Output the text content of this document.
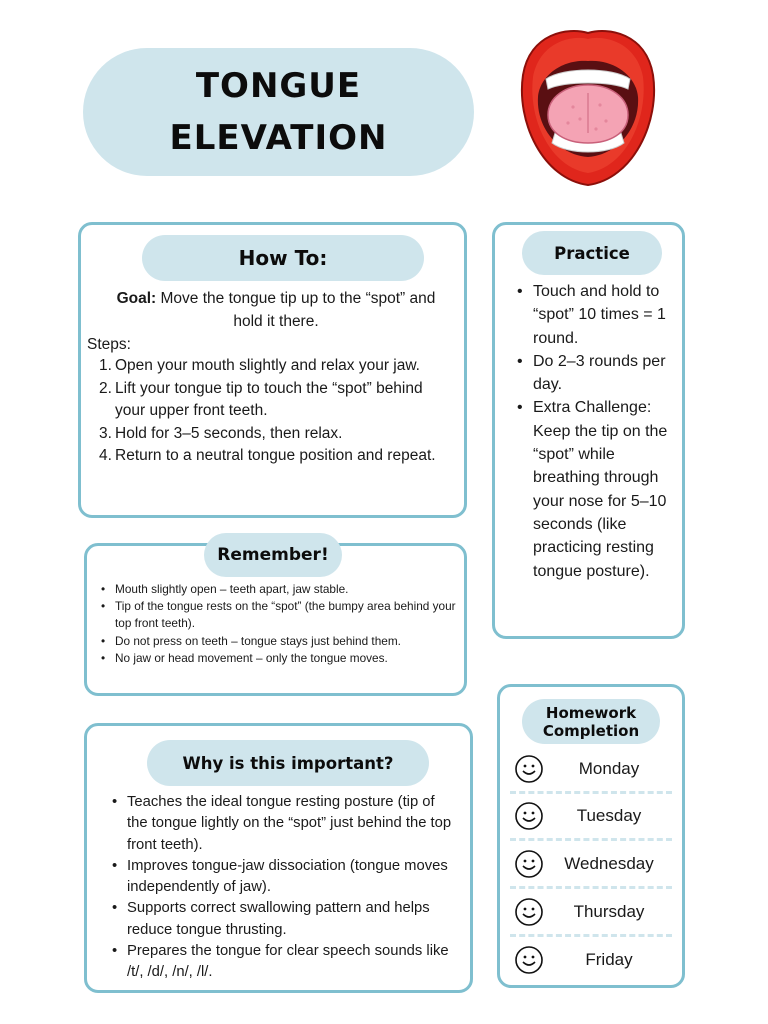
TONGUE
ELEVATION
How To:

Goal: Move the tongue tip up to the “spot” and hold it there.

Steps:
1. Open your mouth slightly and relax your jaw.
2. Lift your tongue tip to touch the “spot” behind your upper front teeth.
3. Hold for 3–5 seconds, then relax.
4. Return to a neutral tongue position and repeat.
Practice
• Touch and hold to “spot” 10 times = 1 round.
• Do 2–3 rounds per day.
• Extra Challenge: Keep the tip on the “spot” while breathing through your nose for 5–10 seconds (like practicing resting tongue posture).
Remember!
• Mouth slightly open – teeth apart, jaw stable.
• Tip of the tongue rests on the “spot” (the bumpy area behind your top front teeth).
• Do not press on teeth – tongue stays just behind them.
• No jaw or head movement – only the tongue moves.
Why is this important?
• Teaches the ideal tongue resting posture (tip of the tongue lightly on the “spot” just behind the top front teeth).
• Improves tongue-jaw dissociation (tongue moves independently of jaw).
• Supports correct swallowing pattern and helps reduce tongue thrusting.
• Prepares the tongue for clear speech sounds like /t/, /d/, /n/, /l/.
Homework
Completion
Monday
Tuesday
Wednesday
Thursday
Friday
